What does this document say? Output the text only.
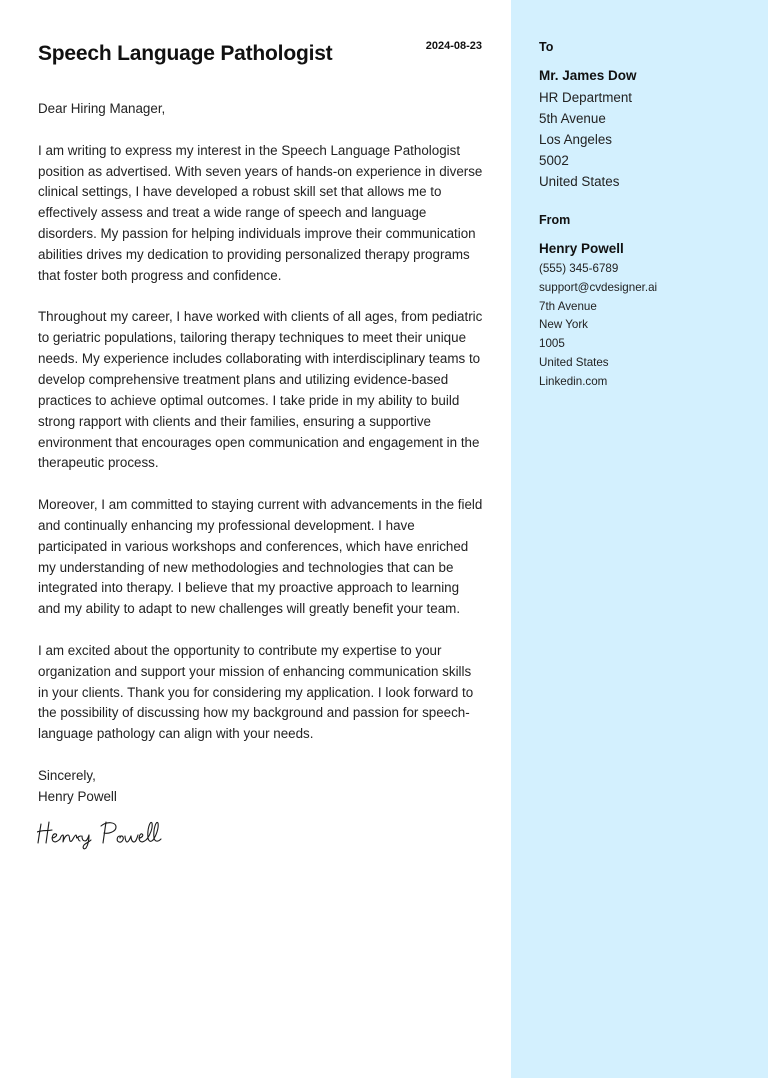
Speech Language Pathologist	2024-08-23

Dear Hiring Manager,

I am writing to express my interest in the Speech Language Pathologist position as advertised. With seven years of hands-on experience in diverse clinical settings, I have developed a robust skill set that allows me to effectively assess and treat a wide range of speech and language disorders. My passion for helping individuals improve their communication abilities drives my dedication to providing personalized therapy programs that foster both progress and confidence.

Throughout my career, I have worked with clients of all ages, from pediatric to geriatric populations, tailoring therapy techniques to meet their unique needs. My experience includes collaborating with interdisciplinary teams to develop comprehensive treatment plans and utilizing evidence-based practices to achieve optimal outcomes. I take pride in my ability to build strong rapport with clients and their families, ensuring a supportive environment that encourages open communication and engagement in the therapeutic process.

Moreover, I am committed to staying current with advancements in the field and continually enhancing my professional development. I have participated in various workshops and conferences, which have enriched my understanding of new methodologies and technologies that can be integrated into therapy. I believe that my proactive approach to learning and my ability to adapt to new challenges will greatly benefit your team.

I am excited about the opportunity to contribute my expertise to your organization and support your mission of enhancing communication skills in your clients. Thank you for considering my application. I look forward to the possibility of discussing how my background and passion for speech-language pathology can align with your needs.

Sincerely,
Henry Powell
To
Mr. James Dow
HR Department
5th Avenue
Los Angeles
5002
United States
From
Henry Powell
(555) 345-6789
support@cvdesigner.ai
7th Avenue
New York
1005
United States
Linkedin.com
